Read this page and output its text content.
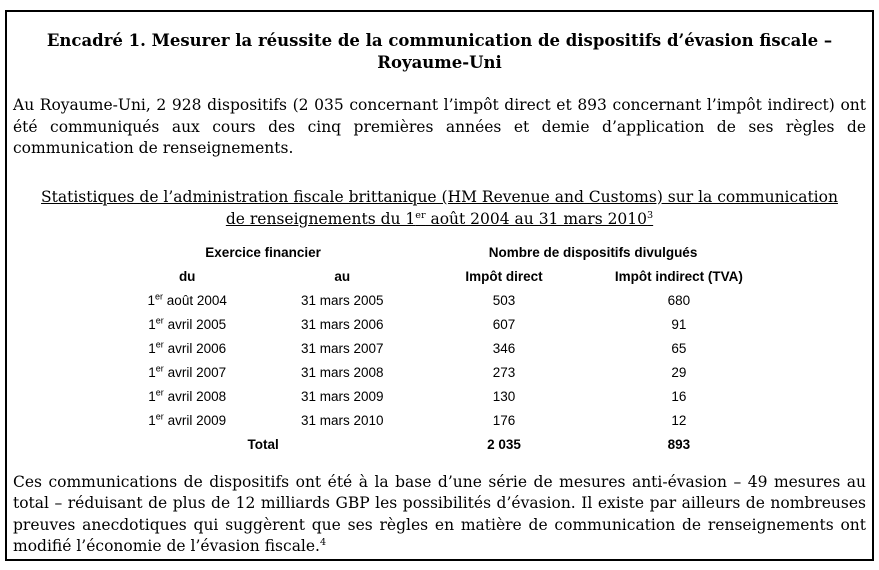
Encadré 1. Mesurer la réussite de la communication de dispositifs d’évasion fiscale –
Royaume-Uni

Au Royaume-Uni, 2 928 dispositifs (2 035 concernant l’impôt direct et 893 concernant l’impôt indirect) ont été communiqués aux cours des cinq premières années et demie d’application de ses règles de communication de renseignements.

Statistiques de l’administration fiscale brittanique (HM Revenue and Customs) sur la communication
de renseignements du 1er août 2004 au 31 mars 2010$^3$
Exercice financier	Nombre de dispositifs divulgués
du	au	Impôt direct	Impôt indirect (TVA)
1er août 2004	31 mars 2005	503	680
1er avril 2005	31 mars 2006	607	91
1er avril 2006	31 mars 2007	346	65
1er avril 2007	31 mars 2008	273	29
1er avril 2008	31 mars 2009	130	16
1er avril 2009	31 mars 2010	176	12
Total	2 035	893

Ces communications de dispositifs ont été à la base d’une série de mesures anti-évasion – 49 mesures au total – réduisant de plus de 12 milliards GBP les possibilités d’évasion. Il existe par ailleurs de nombreuses preuves anecdotiques qui suggèrent que ses règles en matière de communication de renseignements ont modifié l’économie de l’évasion fiscale.$^4$
